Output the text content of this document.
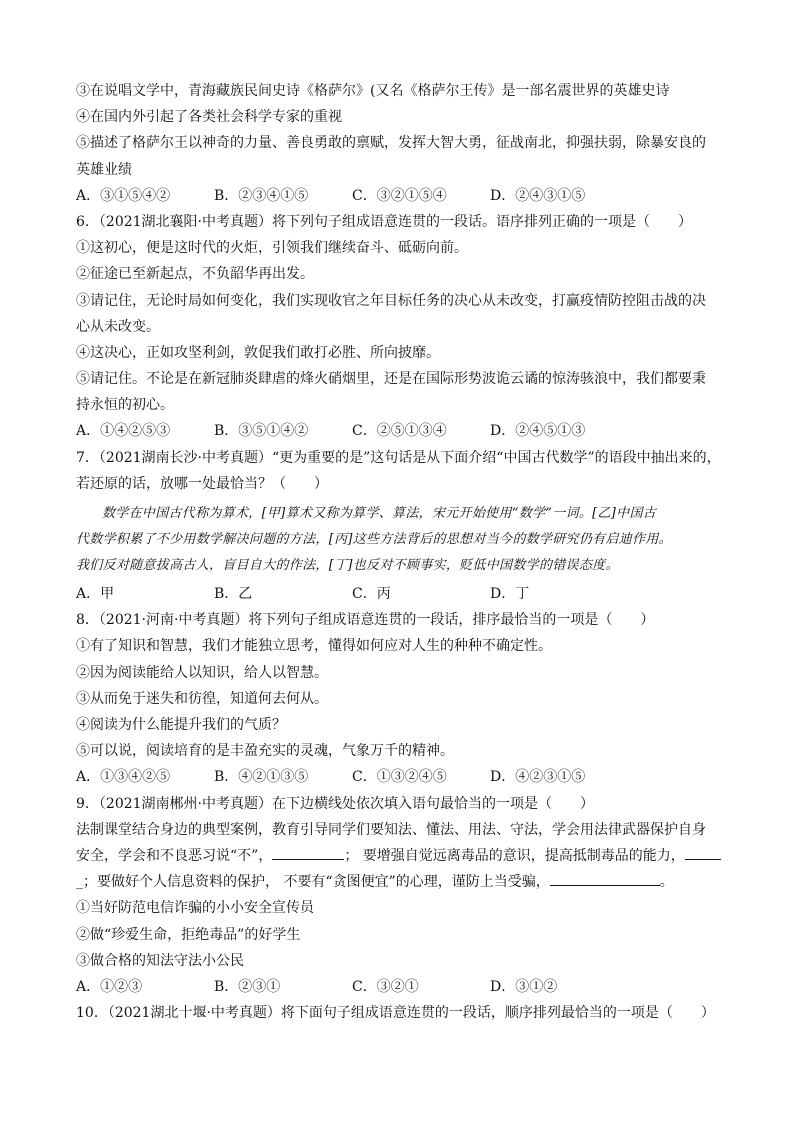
③在说唱文学中，青海藏族民间史诗《格萨尔》(又名《格萨尔王传》是一部名震世界的英雄史诗
④在国内外引起了各类社会科学专家的重视
⑤描述了格萨尔王以神奇的力量、善良勇敢的禀赋，发挥大智大勇，征战南北，抑强扶弱，除暴安良的
英雄业绩
A．③①⑤④②	B．②③④①⑤	C．③②①⑤④	D．②④③①⑤
6．（2021湖北襄阳·中考真题）将下列句子组成语意连贯的一段话。语序排列正确的一项是（　　）
①这初心，便是这时代的火炬，引领我们继续奋斗、砥砺向前。
②征途已至新起点，不负韶华再出发。
③请记住，无论时局如何变化，我们实现收官之年目标任务的决心从未改变，打赢疫情防控阻击战的决
心从未改变。
④这决心，正如攻坚利剑，敦促我们敢打必胜、所向披靡。
⑤请记住。不论是在新冠肺炎肆虐的烽火硝烟里，还是在国际形势波诡云谲的惊涛骇浪中，我们都要秉
持永恒的初心。
A．①④②⑤③	B．③⑤①④②	C．②⑤①③④	D．②④⑤①③
7．（2021湖南长沙·中考真题）“更为重要的是”这句话是从下面介绍“中国古代数学”的语段中抽出来的，
若还原的话，放哪一处最恰当？（　　）
数学在中国古代称为算术，[甲]算术又称为算学、算法，宋元开始使用“数学”一词。[乙]中国古
代数学积累了不少用数学解决问题的方法，[丙]这些方法背后的思想对当今的数学研究仍有启迪作用。
我们反对随意拔高古人，盲目自大的作法，[丁]也反对不顾事实，贬低中国数学的错误态度。
A．甲	B．乙	C．丙	D．丁
8．（2021·河南·中考真题）将下列句子组成语意连贯的一段话，排序最恰当的一项是（　　）
①有了知识和智慧，我们才能独立思考，懂得如何应对人生的种种不确定性。
②因为阅读能给人以知识，给人以智慧。
③从而免于迷失和彷徨，知道何去何从。
④阅读为什么能提升我们的气质？
⑤可以说，阅读培育的是丰盈充实的灵魂，气象万千的精神。
A．①③④②⑤	B．④②①③⑤	C．①③②④⑤	D．④②③①⑤
9．（2021湖南郴州·中考真题）在下边横线处依次填入语句最恰当的一项是（　　）
法制课堂结合身边的典型案例，教育引导同学们要知法、懂法、用法、守法，学会用法律武器保护自身
安全，学会和不良恶习说“不”，	； 要增强自觉远离毒品的意识，提高抵制毒品的能力，
_；要做好个人信息资料的保护， 不要有“贪图便宜”的心理，谨防上当受骗，	。
①当好防范电信诈骗的小小安全宣传员
②做“珍爱生命，拒绝毒品”的好学生
③做合格的知法守法小公民
A．①②③	B．②③①	C．③②①	D．③①②
10．（2021湖北十堰·中考真题）将下面句子组成语意连贯的一段话，顺序排列最恰当的一项是（　　）
